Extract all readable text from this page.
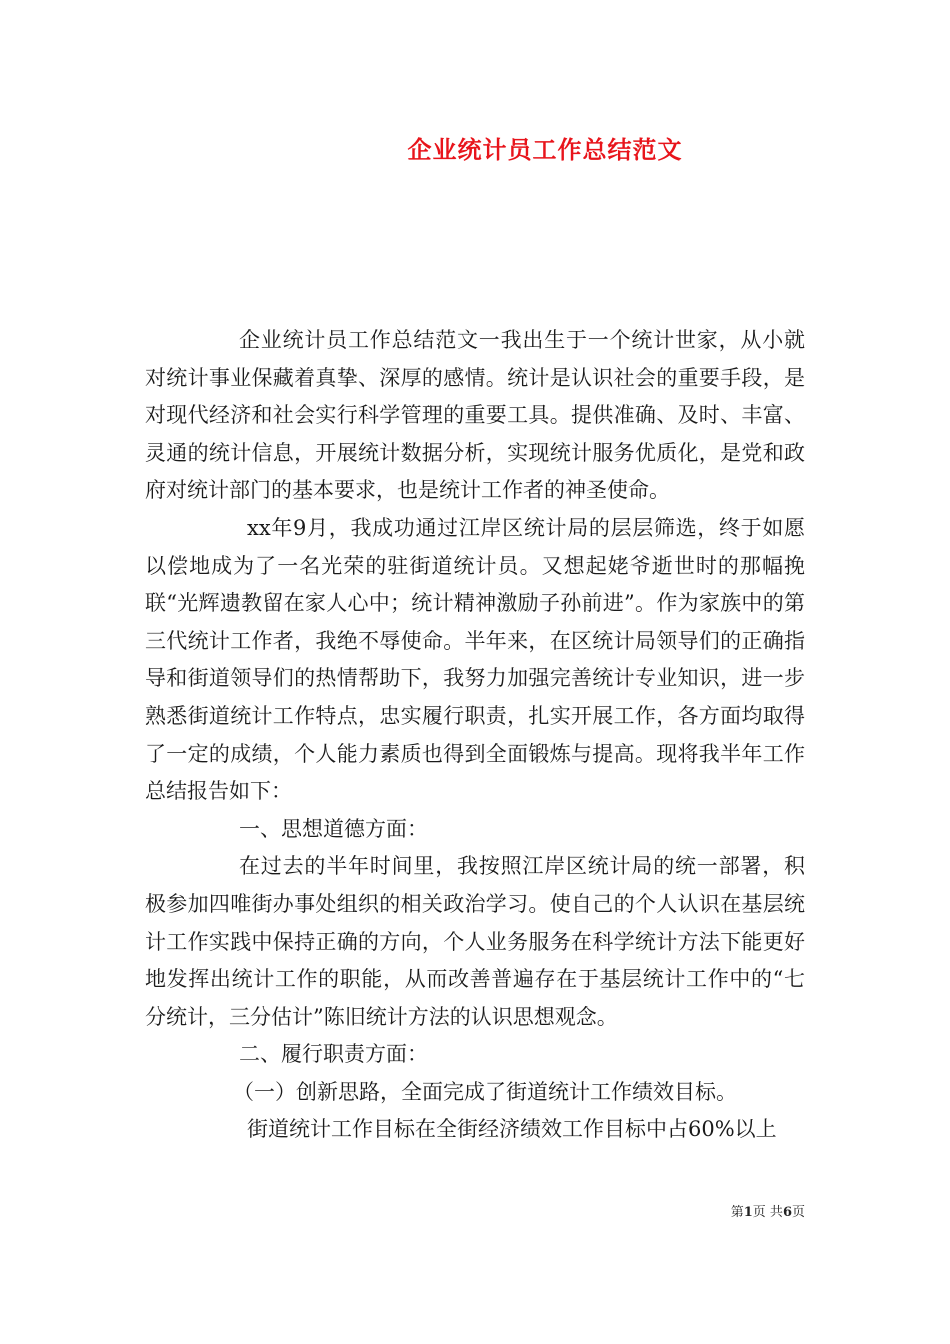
企业统计员工作总结范文

企业统计员工作总结范文一我出生于一个统计世家，从小就对统计事业保藏着真挚、深厚的感情。统计是认识社会的重要手段，是对现代经济和社会实行科学管理的重要工具。提供准确、及时、丰富、灵通的统计信息，开展统计数据分析，实现统计服务优质化，是党和政府对统计部门的基本要求，也是统计工作者的神圣使命。

xx年9月，我成功通过江岸区统计局的层层筛选，终于如愿以偿地成为了一名光荣的驻街道统计员。又想起姥爷逝世时的那幅挽联“光辉遗教留在家人心中；统计精神激励子孙前进”。作为家族中的第三代统计工作者，我绝不辱使命。半年来，在区统计局领导们的正确指导和街道领导们的热情帮助下，我努力加强完善统计专业知识，进一步熟悉街道统计工作特点，忠实履行职责，扎实开展工作，各方面均取得了一定的成绩，个人能力素质也得到全面锻炼与提高。现将我半年工作总结报告如下：

一、思想道德方面：

在过去的半年时间里，我按照江岸区统计局的统一部署，积极参加四唯街办事处组织的相关政治学习。使自己的个人认识在基层统计工作实践中保持正确的方向，个人业务服务在科学统计方法下能更好地发挥出统计工作的职能，从而改善普遍存在于基层统计工作中的“七分统计，三分估计”陈旧统计方法的认识思想观念。

二、履行职责方面：

（一）创新思路，全面完成了街道统计工作绩效目标。

街道统计工作目标在全街经济绩效工作目标中占60%以上

第1页 共6页
